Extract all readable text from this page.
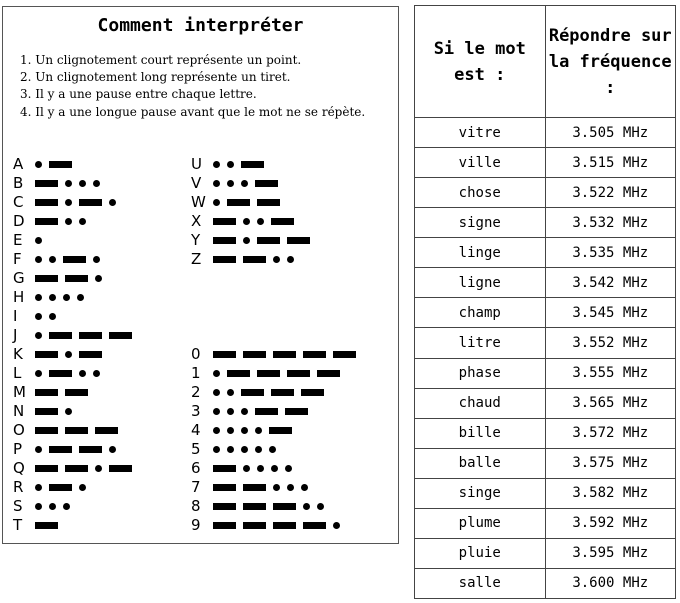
Comment interpréter
1. Un clignotement court représente un point.
2. Un clignotement long représente un tiret.
3. Il y a une pause entre chaque lettre.
4. Il y a une longue pause avant que le mot ne se répète.
A
B
C
D
E
F
G
H
I
J
K
L
M
N
O
P
Q
R
S
T
U
V
W
X
Y
Z
0
1
2
3
4
5
6
7
8
9
Si le mot est :	Répondre sur la fréquence :
vitre	3.505 MHz
ville	3.515 MHz
chose	3.522 MHz
signe	3.532 MHz
linge	3.535 MHz
ligne	3.542 MHz
champ	3.545 MHz
litre	3.552 MHz
phase	3.555 MHz
chaud	3.565 MHz
bille	3.572 MHz
balle	3.575 MHz
singe	3.582 MHz
plume	3.592 MHz
pluie	3.595 MHz
salle	3.600 MHz
